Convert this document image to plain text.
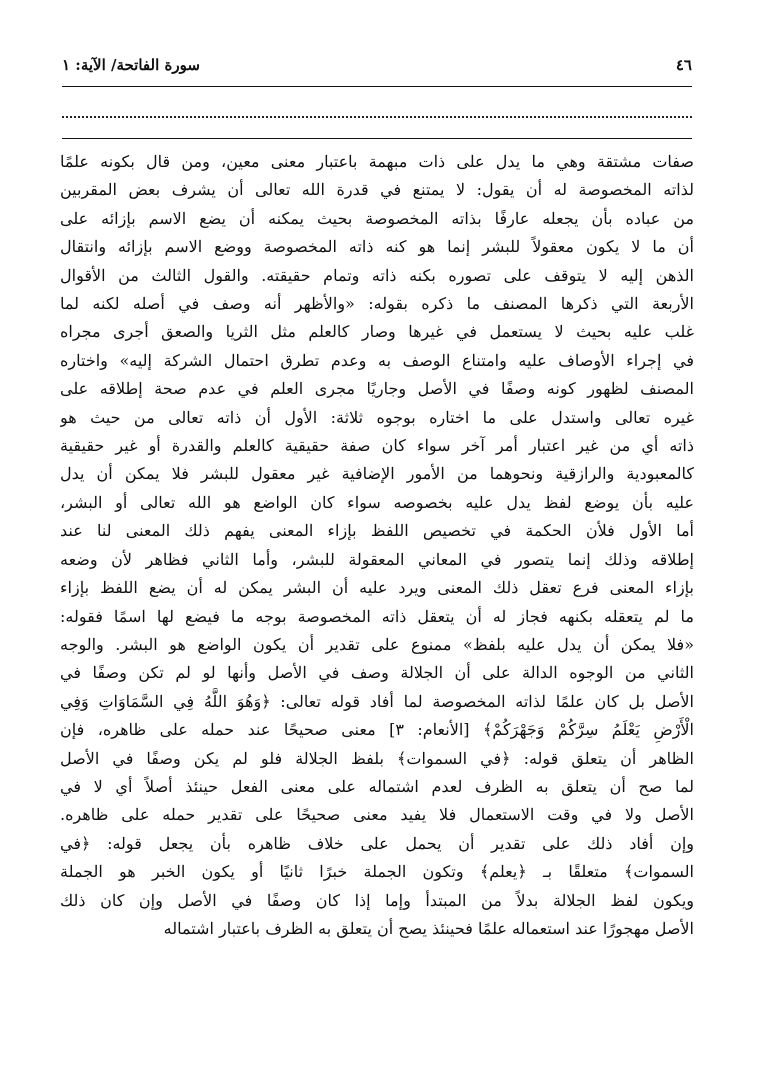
٤٦
سورة الفاتحة/ الآية: ١
صفات مشتقة وهي ما يدل على ذات مبهمة باعتبار معنى معين، ومن قال بكونه علمًا
لذاته المخصوصة له أن يقول: لا يمتنع في قدرة الله تعالى أن يشرف بعض المقربين
من عباده بأن يجعله عارفًا بذاته المخصوصة بحيث يمكنه أن يضع الاسم بإزائه على
أن ما لا يكون معقولاً للبشر إنما هو كنه ذاته المخصوصة ووضع الاسم بإزائه وانتقال
الذهن إليه لا يتوقف على تصوره بكنه ذاته وتمام حقيقته. والقول الثالث من الأقوال
الأربعة التي ذكرها المصنف ما ذكره بقوله: «والأظهر أنه وصف في أصله لكنه لما
غلب عليه بحيث لا يستعمل في غيرها وصار كالعلم مثل الثريا والصعق أجرى مجراه
في إجراء الأوصاف عليه وامتناع الوصف به وعدم تطرق احتمال الشركة إليه» واختاره
المصنف لظهور كونه وصفًا في الأصل وجاريًا مجرى العلم في عدم صحة إطلاقه على
غيره تعالى واستدل على ما اختاره بوجوه ثلاثة: الأول أن ذاته تعالى من حيث هو
ذاته أي من غير اعتبار أمر آخر سواء كان صفة حقيقية كالعلم والقدرة أو غير حقيقية
كالمعبودية والرازقية ونحوهما من الأمور الإضافية غير معقول للبشر فلا يمكن أن يدل
عليه بأن يوضع لفظ يدل عليه بخصوصه سواء كان الواضع هو الله تعالى أو البشر،
أما الأول فلأن الحكمة في تخصيص اللفظ بإزاء المعنى يفهم ذلك المعنى لنا عند
إطلاقه وذلك إنما يتصور في المعاني المعقولة للبشر، وأما الثاني فظاهر لأن وضعه
بإزاء المعنى فرع تعقل ذلك المعنى ويرد عليه أن البشر يمكن له أن يضع اللفظ بإزاء
ما لم يتعقله بكنهه فجاز له أن يتعقل ذاته المخصوصة بوجه ما فيضع لها اسمًا فقوله:
«فلا يمكن أن يدل عليه بلفظ» ممنوع على تقدير أن يكون الواضع هو البشر. والوجه
الثاني من الوجوه الدالة على أن الجلالة وصف في الأصل وأنها لو لم تكن وصفًا في
الأصل بل كان علمًا لذاته المخصوصة لما أفاد قوله تعالى: ﴿وَهُوَ اللَّهُ فِي السَّمَاوَاتِ وَفِي
الْأَرْضِ يَعْلَمُ سِرَّكُمْ وَجَهْرَكُمْ﴾ [الأنعام: ٣] معنى صحيحًا عند حمله على ظاهره، فإن
الظاهر أن يتعلق قوله: ﴿في السموات﴾ بلفظ الجلالة فلو لم يكن وصفًا في الأصل
لما صح أن يتعلق به الظرف لعدم اشتماله على معنى الفعل حينئذ أصلاً أي لا في
الأصل ولا في وقت الاستعمال فلا يفيد معنى صحيحًا على تقدير حمله على ظاهره.
وإن أفاد ذلك على تقدير أن يحمل على خلاف ظاهره بأن يجعل قوله: ﴿في
السموات﴾ متعلقًا بـ ﴿يعلم﴾ وتكون الجملة خبرًا ثانيًا أو يكون الخبر هو الجملة
ويكون لفظ الجلالة بدلاً من المبتدأ وإما إذا كان وصفًا في الأصل وإن كان ذلك
الأصل مهجورًا عند استعماله علمًا فحينئذ يصح أن يتعلق به الظرف باعتبار اشتماله
